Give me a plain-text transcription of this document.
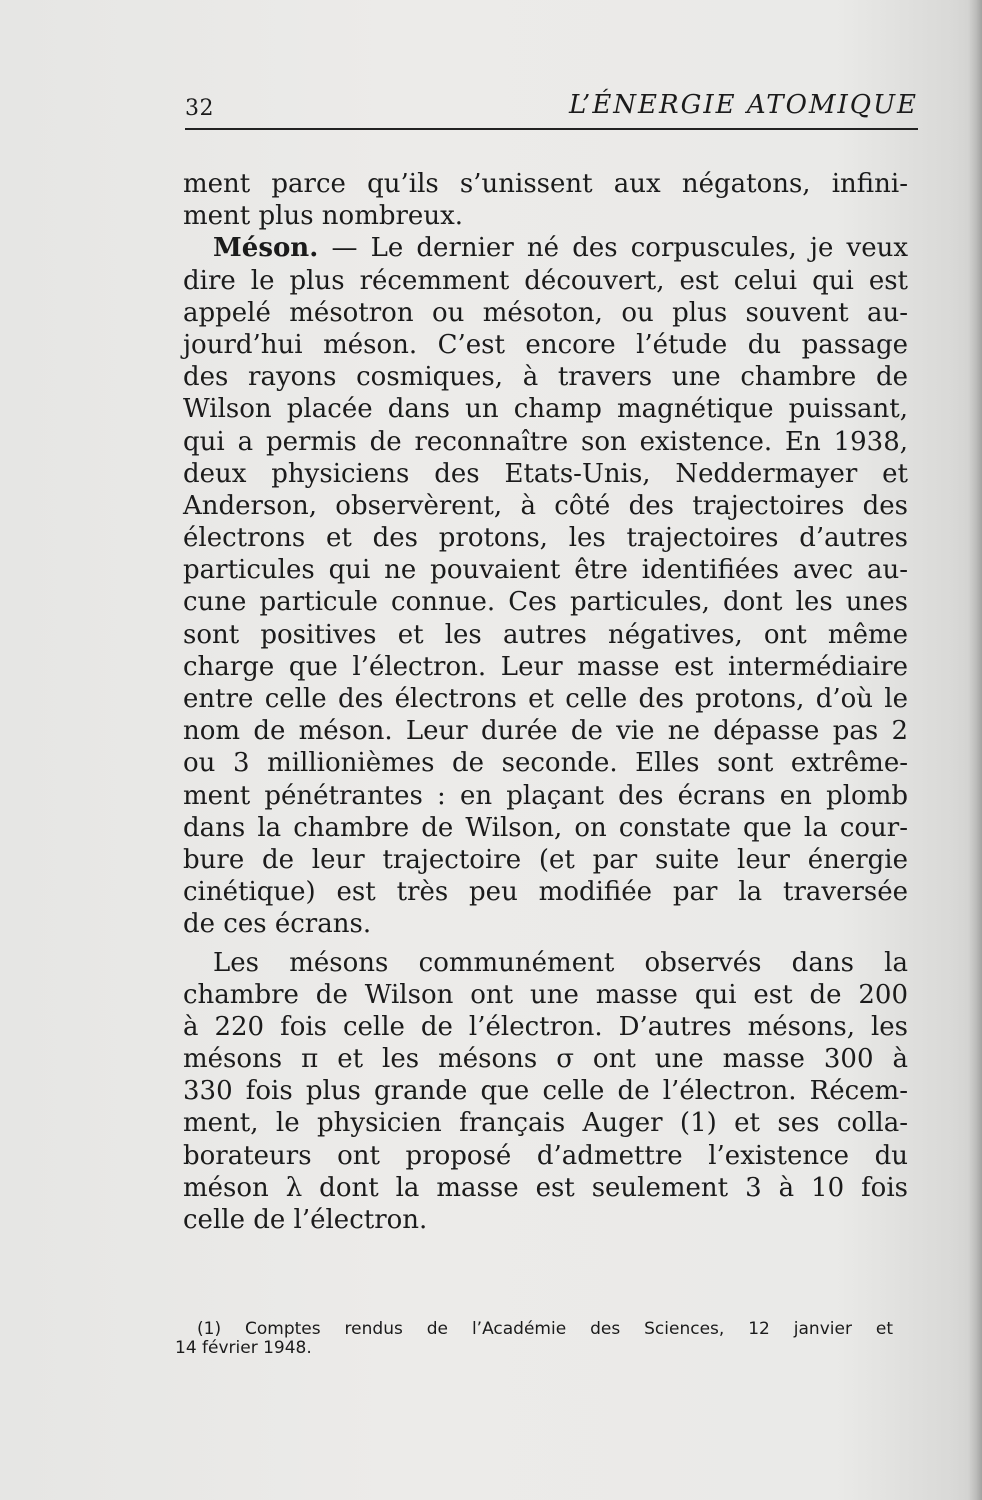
32	L’ÉNERGIE ATOMIQUE
ment parce qu’ils s’unissent aux négatons, infini-
ment plus nombreux.
Méson. — Le dernier né des corpuscules, je veux
dire le plus récemment découvert, est celui qui est
appelé mésotron ou mésoton, ou plus souvent au-
jourd’hui méson. C’est encore l’étude du passage
des rayons cosmiques, à travers une chambre de
Wilson placée dans un champ magnétique puissant,
qui a permis de reconnaître son existence. En 1938,
deux physiciens des Etats-Unis, Neddermayer et
Anderson, observèrent, à côté des trajectoires des
électrons et des protons, les trajectoires d’autres
particules qui ne pouvaient être identifiées avec au-
cune particule connue. Ces particules, dont les unes
sont positives et les autres négatives, ont même
charge que l’électron. Leur masse est intermédiaire
entre celle des électrons et celle des protons, d’où le
nom de méson. Leur durée de vie ne dépasse pas 2
ou 3 millionièmes de seconde. Elles sont extrême-
ment pénétrantes : en plaçant des écrans en plomb
dans la chambre de Wilson, on constate que la cour-
bure de leur trajectoire (et par suite leur énergie
cinétique) est très peu modifiée par la traversée
de ces écrans.
Les mésons communément observés dans la
chambre de Wilson ont une masse qui est de 200
à 220 fois celle de l’électron. D’autres mésons, les
mésons π et les mésons σ ont une masse 300 à
330 fois plus grande que celle de l’électron. Récem-
ment, le physicien français Auger (1) et ses colla-
borateurs ont proposé d’admettre l’existence du
méson λ dont la masse est seulement 3 à 10 fois
celle de l’électron.
(1) Comptes rendus de l’Académie des Sciences, 12 janvier et
14 février 1948.
